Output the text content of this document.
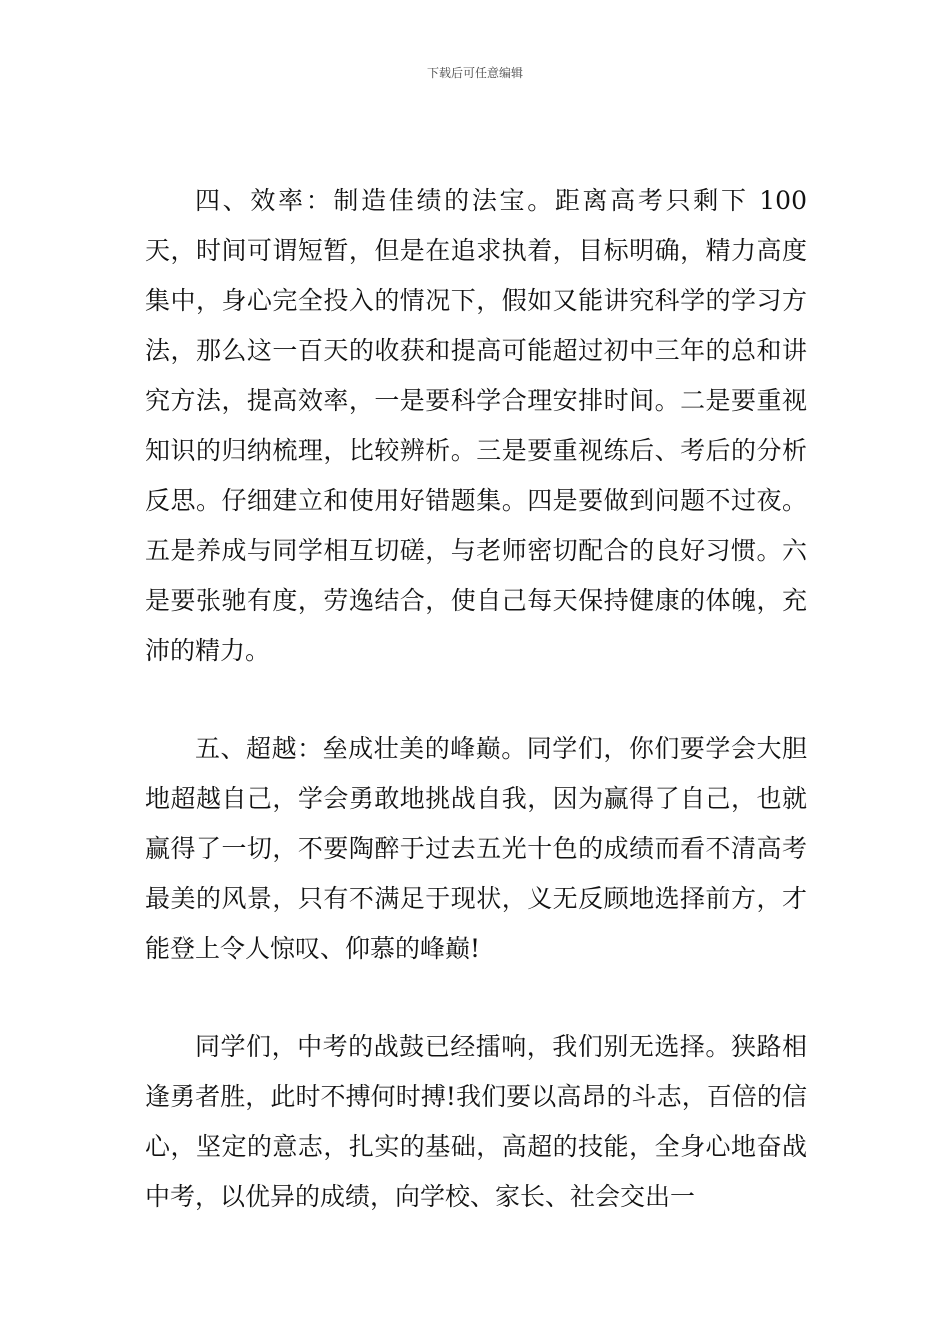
下载后可任意编辑

四、效率：制造佳绩的法宝。距离高考只剩下 100 天，时间可谓短暂，但是在追求执着，目标明确，精力高度集中，身心完全投入的情况下，假如又能讲究科学的学习方法，那么这一百天的收获和提高可能超过初中三年的总和讲究方法，提高效率，一是要科学合理安排时间。二是要重视知识的归纳梳理，比较辨析。三是要重视练后、考后的分析反思。仔细建立和使用好错题集。四是要做到问题不过夜。五是养成与同学相互切磋，与老师密切配合的良好习惯。六是要张驰有度，劳逸结合，使自己每天保持健康的体魄，充沛的精力。

五、超越：垒成壮美的峰巅。同学们，你们要学会大胆地超越自己，学会勇敢地挑战自我，因为赢得了自己，也就赢得了一切，不要陶醉于过去五光十色的成绩而看不清高考最美的风景，只有不满足于现状，义无反顾地选择前方，才能登上令人惊叹、仰慕的峰巅!

同学们，中考的战鼓已经擂响，我们别无选择。狭路相逢勇者胜，此时不搏何时搏!我们要以高昂的斗志，百倍的信心，坚定的意志，扎实的基础，高超的技能，全身心地奋战中考，以优异的成绩，向学校、家长、社会交出一
